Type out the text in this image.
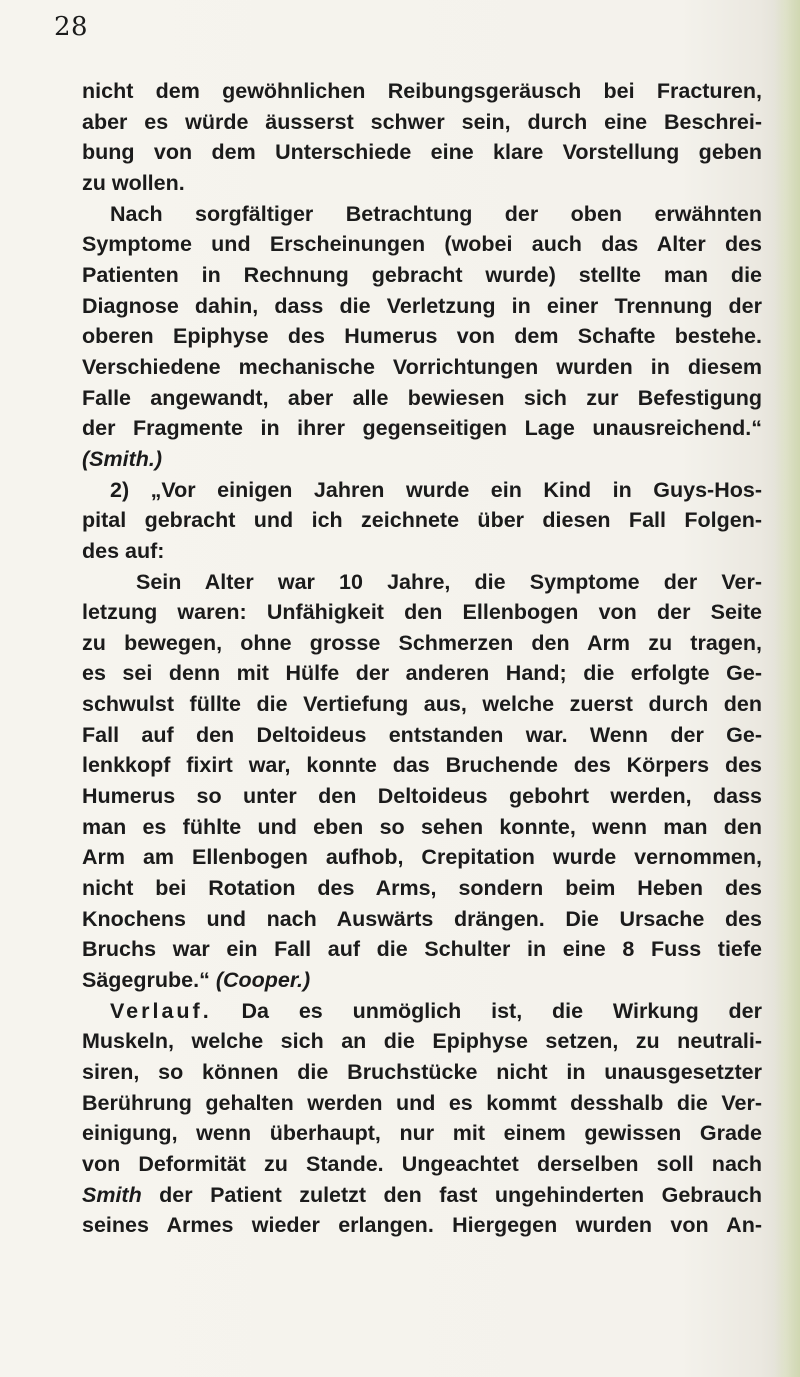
28

nicht dem gewöhnlichen Reibungsgeräusch bei Fracturen,
aber es würde äusserst schwer sein, durch eine Beschrei-
bung von dem Unterschiede eine klare Vorstellung geben
zu wollen.
Nach sorgfältiger Betrachtung der oben erwähnten
Symptome und Erscheinungen (wobei auch das Alter des
Patienten in Rechnung gebracht wurde) stellte man die
Diagnose dahin, dass die Verletzung in einer Trennung der
oberen Epiphyse des Humerus von dem Schafte bestehe.
Verschiedene mechanische Vorrichtungen wurden in diesem
Falle angewandt, aber alle bewiesen sich zur Befestigung
der Fragmente in ihrer gegenseitigen Lage unausreichend.“
(Smith.)
2) „Vor einigen Jahren wurde ein Kind in Guys-Hos-
pital gebracht und ich zeichnete über diesen Fall Folgen-
des auf:
Sein Alter war 10 Jahre, die Symptome der Ver-
letzung waren: Unfähigkeit den Ellenbogen von der Seite
zu bewegen, ohne grosse Schmerzen den Arm zu tragen,
es sei denn mit Hülfe der anderen Hand; die erfolgte Ge-
schwulst füllte die Vertiefung aus, welche zuerst durch den
Fall auf den Deltoideus entstanden war. Wenn der Ge-
lenkkopf fixirt war, konnte das Bruchende des Körpers des
Humerus so unter den Deltoideus gebohrt werden, dass
man es fühlte und eben so sehen konnte, wenn man den
Arm am Ellenbogen aufhob, Crepitation wurde vernommen,
nicht bei Rotation des Arms, sondern beim Heben des
Knochens und nach Auswärts drängen. Die Ursache des
Bruchs war ein Fall auf die Schulter in eine 8 Fuss tiefe
Sägegrube.“ (Cooper.)
Verlauf. Da es unmöglich ist, die Wirkung der
Muskeln, welche sich an die Epiphyse setzen, zu neutrali-
siren, so können die Bruchstücke nicht in unausgesetzter
Berührung gehalten werden und es kommt desshalb die Ver-
einigung, wenn überhaupt, nur mit einem gewissen Grade
von Deformität zu Stande. Ungeachtet derselben soll nach
Smith der Patient zuletzt den fast ungehinderten Gebrauch
seines Armes wieder erlangen. Hiergegen wurden von An-
